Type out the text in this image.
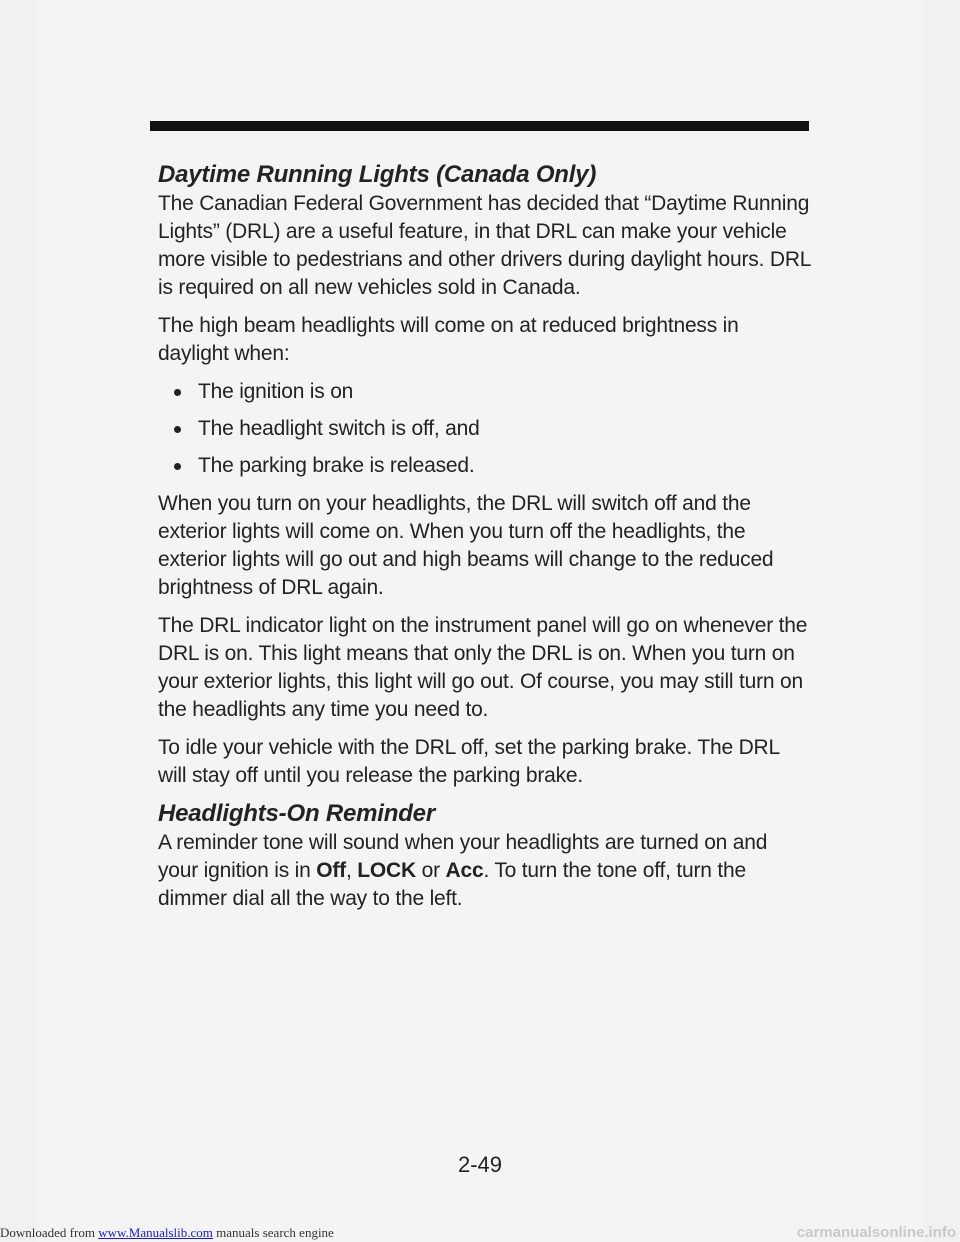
Daytime Running Lights (Canada Only)

The Canadian Federal Government has decided that “Daytime Running Lights” (DRL) are a useful feature, in that DRL can make your vehicle more visible to pedestrians and other drivers during daylight hours. DRL is required on all new vehicles sold in Canada.

The high beam headlights will come on at reduced brightness in daylight when:

The ignition is on
The headlight switch is off, and
The parking brake is released.

When you turn on your headlights, the DRL will switch off and the exterior lights will come on. When you turn off the headlights, the exterior lights will go out and high beams will change to the reduced brightness of DRL again.

The DRL indicator light on the instrument panel will go on whenever the DRL is on. This light means that only the DRL is on. When you turn on your exterior lights, this light will go out. Of course, you may still turn on the headlights any time you need to.

To idle your vehicle with the DRL off, set the parking brake. The DRL will stay off until you release the parking brake.

Headlights-On Reminder

A reminder tone will sound when your headlights are turned on and your ignition is in Off, LOCK or Acc. To turn the tone off, turn the dimmer dial all the way to the left.

2-49
Downloaded from www.Manualslib.com manuals search engine	carmanualsonline.info
